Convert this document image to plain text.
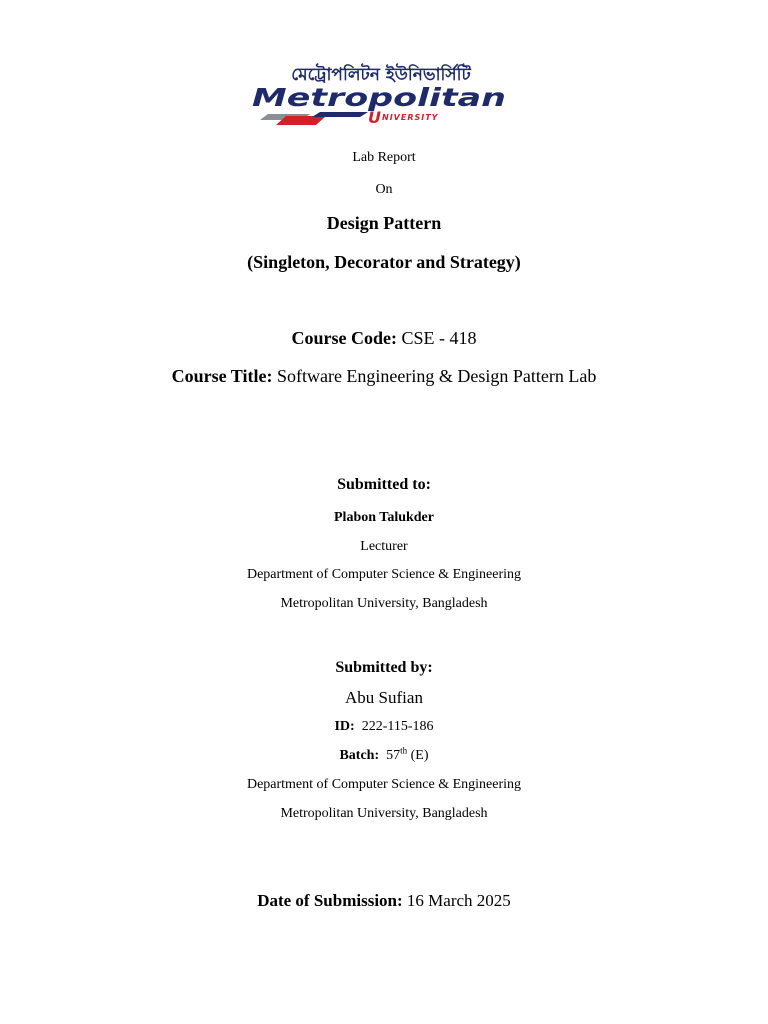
মেট্রোপলিটন ইউনিভার্সিটি
Metropolitan
U NIVERSITY
Lab Report
On
Design Pattern
(Singleton, Decorator and Strategy)
Course Code: CSE - 418
Course Title: Software Engineering & Design Pattern Lab
Submitted to:
Plabon Talukder
Lecturer
Department of Computer Science & Engineering
Metropolitan University, Bangladesh
Submitted by:
Abu Sufian
ID: 222-115-186
Batch: 57th (E)
Department of Computer Science & Engineering
Metropolitan University, Bangladesh
Date of Submission: 16 March 2025
